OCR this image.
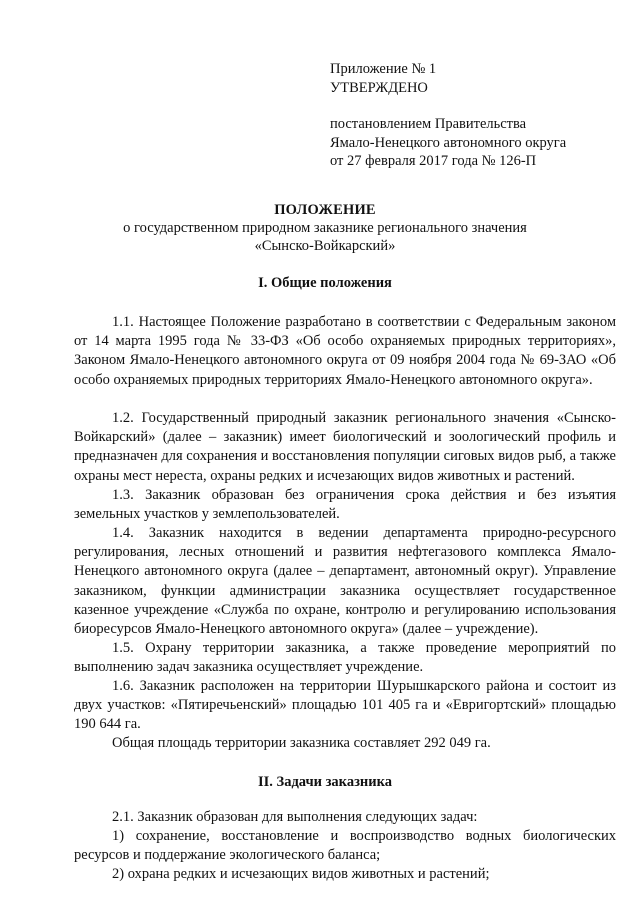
Приложение № 1
УТВЕРЖДЕНО
постановлением Правительства
Ямало-Ненецкого автономного округа
от 27 февраля 2017 года № 126-П
ПОЛОЖЕНИЕ
о государственном природном заказнике регионального значения
«Сынско-Войкарский»
I. Общие положения
1.1. Настоящее Положение разработано в соответствии с Федеральным законом от 14 марта 1995 года № 33-ФЗ «Об особо охраняемых природных территориях», Законом Ямало-Ненецкого автономного округа от 09 ноября 2004 года № 69-ЗАО «Об особо охраняемых природных территориях Ямало-Ненецкого автономного округа».
1.2. Государственный природный заказник регионального значения «Сынско-Войкарский» (далее – заказник) имеет биологический и зоологический профиль и предназначен для сохранения и восстановления популяции сиговых видов рыб, а также охраны мест нереста, охраны редких и исчезающих видов животных и растений.
1.3. Заказник образован без ограничения срока действия и без изъятия земельных участков у землепользователей.
1.4. Заказник находится в ведении департамента природно-ресурсного регулирования, лесных отношений и развития нефтегазового комплекса Ямало-Ненецкого автономного округа (далее – департамент, автономный округ). Управление заказником, функции администрации заказника осуществляет государственное казенное учреждение «Служба по охране, контролю и регулированию использования биоресурсов Ямало-Ненецкого автономного округа» (далее – учреждение).
1.5. Охрану территории заказника, а также проведение мероприятий по выполнению задач заказника осуществляет учреждение.
1.6. Заказник расположен на территории Шурышкарского района и состоит из двух участков: «Пятиречьенский» площадью 101 405 га и «Евригортский» площадью 190 644 га.
Общая площадь территории заказника составляет 292 049 га.
II. Задачи заказника
2.1. Заказник образован для выполнения следующих задач:
1) сохранение, восстановление и воспроизводство водных биологических ресурсов и поддержание экологического баланса;
2) охрана редких и исчезающих видов животных и растений;
